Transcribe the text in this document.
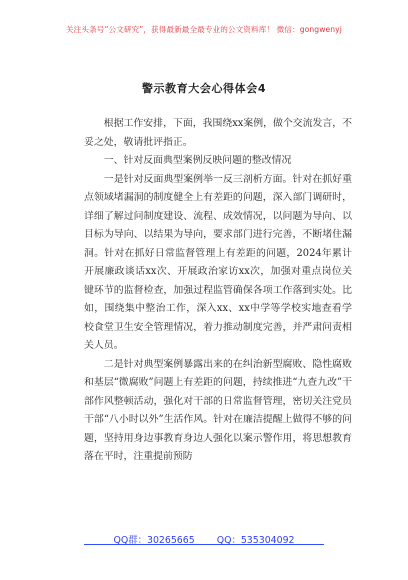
关注头条号“公文研究”，获得最新最全最专业的公文资料库！ 微信：gongwenyj
警示教育大会心得体会4

根据工作安排，下面，我围绕xx案例，做个交流发言，不妥之处，敬请批评指正。

一、针对反面典型案例反映问题的整改情况

一是针对反面典型案例举一反三剖析方面。针对在抓好重点领域堵漏洞的制度健全上有差距的问题，深入部门调研时，详细了解过问制度建设、流程、成效情况，以问题为导向、以目标为导向、以结果为导向，要求部门进行完善，不断堵住漏洞。针对在抓好日常监督管理上有差距的问题，2024年累计开展廉政谈话xx次、开展政治家访xx次，加强对重点岗位关键环节的监督检查，加强过程监管确保各项工作落到实处。比如，围绕集中整治工作，深入xx、xx中学等学校实地查看学校食堂卫生安全管理情况，着力推动制度完善，并严肃问责相关人员。

二是针对典型案例暴露出来的在纠治新型腐败、隐性腐败和基层“微腐败”问题上有差距的问题，持续推进“九查九改”干部作风整顿活动，强化对干部的日常监督管理，密切关注党员干部“八小时以外”生活作风。针对在廉洁提醒上做得不够的问题，坚持用身边事教育身边人强化以案示警作用，将思想教育落在平时，注重提前预防

QQ群：30265665 QQ：535304092
